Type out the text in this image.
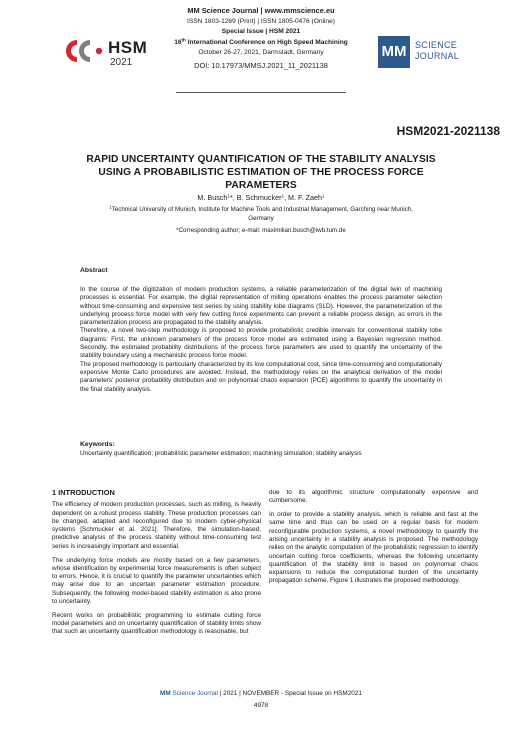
HSM
2021
MM Science Journal | www.mmscience.eu
ISSN 1803-1269 (Print) | ISSN 1805-0476 (Online)
Special Issue | HSM 2021
16th International Conference on High Speed Machining
October 26-27, 2021, Darmstadt, Germany
DOI: 10.17973/MMSJ.2021_11_2021138
MM SCIENCE
JOURNAL
HSM2021-2021138
RAPID UNCERTAINTY QUANTIFICATION OF THE STABILITY ANALYSIS
USING A PROBABILISTIC ESTIMATION OF THE PROCESS FORCE
PARAMETERS
M. Busch$^1$*, B. Schmucker$^1$, M. F. Zaeh$^1$
$^1$Technical University of Munich, Institute for Machine Tools and Industrial Management, Garching near Munich,
Germany
*Corresponding author; e-mail: maximilian.busch@iwb.tum.de
Abstract

In the course of the digitization of modern production systems, a reliable parameterization of the digital twin of machining processes is essential. For example, the digital representation of milling operations enables the process parameter selection without time-consuming and expensive test series by using stability lobe diagrams (SLD). However, the parameterization of the underlying process force model with very few cutting force experiments can prevent a reliable process design, as errors in the parameterization process are propagated to the stability analysis.

Therefore, a novel two-step methodology is proposed to provide probabilistic credible intervals for conventional stability lobe diagrams: First, the unknown parameters of the process force model are estimated using a Bayesian regression method. Secondly, the estimated probability distributions of the process force parameters are used to quantify the uncertainty of the stability boundary using a mechanistic process force model.

The proposed methodology is particularly characterized by its low computational cost, since time-consuming and computationally expensive Monte Carlo procedures are avoided. Instead, the methodology relies on the analytical derivation of the model parameters' posterior probability distribution and on polynomial chaos expansion (PCE) algorithms to quantify the uncertainty in the final stability analysis.

Keywords:
Uncertainty quantification; probabilistic parameter estimation; machining simulation; stability analysis
1 INTRODUCTION

The efficiency of modern production processes, such as milling, is heavily dependent on a robust process stability. These production processes can be changed, adapted and reconfigured due to modern cyber-physical systems [Schmucker et al. 2021]. Therefore, the simulation-based, predictive analysis of the process stability without time-consuming test series is increasingly important and essential.

The underlying force models are mostly based on a few parameters, whose identification by experimental force measurements is often subject to errors. Hence, it is crucial to quantify the parameter uncertainties which may arise due to an uncertain parameter estimation procedure. Subsequently, the following model-based stability estimation is also prone to uncertainty.

Recent works on probabilistic programming to estimate cutting force model parameters and on uncertainty quantification of stability limits show that such an uncertainty quantification methodology is reasonable, but

due to its algorithmic structure computationally expensive and cumbersome.

In order to provide a stability analysis, which is reliable and fast at the same time and thus can be used on a regular basis for modern reconfigurable production systems, a novel methodology to quantify the arising uncertainty in a stability analysis is proposed. The methodology relies on the analytic computation of the probabilistic regression to identify uncertain cutting force coefficients, whereas the following uncertainty quantification of the stability limit is based on polynomial chaos expansions to reduce the computational burden of the uncertainty propagation scheme. Figure 1 illustrates the proposed methodology.

MM Science Journal | 2021 | NOVEMBER - Special Issue on HSM2021
4978
